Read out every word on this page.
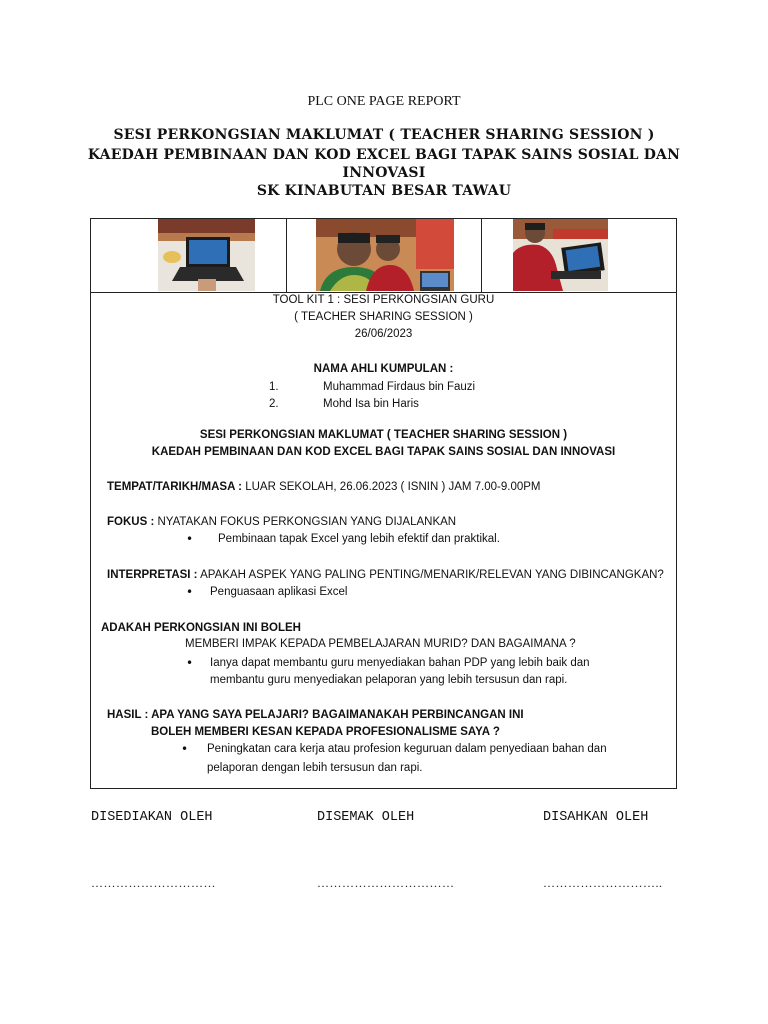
PLC ONE PAGE REPORT
SESI PERKONGSIAN MAKLUMAT ( TEACHER SHARING SESSION )
KAEDAH PEMBINAAN DAN KOD EXCEL BAGI TAPAK SAINS SOSIAL DAN
INNOVASI
SK KINABUTAN BESAR TAWAU
TOOL KIT 1 : SESI PERKONGSIAN GURU
( TEACHER SHARING SESSION )
26/06/2023
NAMA AHLI KUMPULAN :
1.	Muhammad Firdaus bin Fauzi
2.	Mohd Isa bin Haris
SESI PERKONGSIAN MAKLUMAT ( TEACHER SHARING SESSION )
KAEDAH PEMBINAAN DAN KOD EXCEL BAGI TAPAK SAINS SOSIAL DAN INNOVASI
TEMPAT/TARIKH/MASA : LUAR SEKOLAH, 26.06.2023 ( ISNIN ) JAM 7.00-9.00PM
FOKUS : NYATAKAN FOKUS PERKONGSIAN YANG DIJALANKAN
• Pembinaan tapak Excel yang lebih efektif dan praktikal.
INTERPRETASI : APAKAH ASPEK YANG PALING PENTING/MENARIK/RELEVAN YANG DIBINCANGKAN?
• Penguasaan aplikasi Excel
ADAKAH PERKONGSIAN INI BOLEH
MEMBERI IMPAK KEPADA PEMBELAJARAN MURID? DAN BAGAIMANA ?
• Ianya dapat membantu guru menyediakan bahan PDP yang lebih baik dan
membantu guru menyediakan pelaporan yang lebih tersusun dan rapi.
HASIL : APA YANG SAYA PELAJARI? BAGAIMANAKAH PERBINCANGAN INI
BOLEH MEMBERI KESAN KEPADA PROFESIONALISME SAYA ?
• Peningkatan cara kerja atau profesion keguruan dalam penyediaan bahan dan
pelaporan dengan lebih tersusun dan rapi.
DISEDIAKAN OLEH	DISEMAK OLEH	DISAHKAN OLEH
…………………………	……………………………	………………………..
